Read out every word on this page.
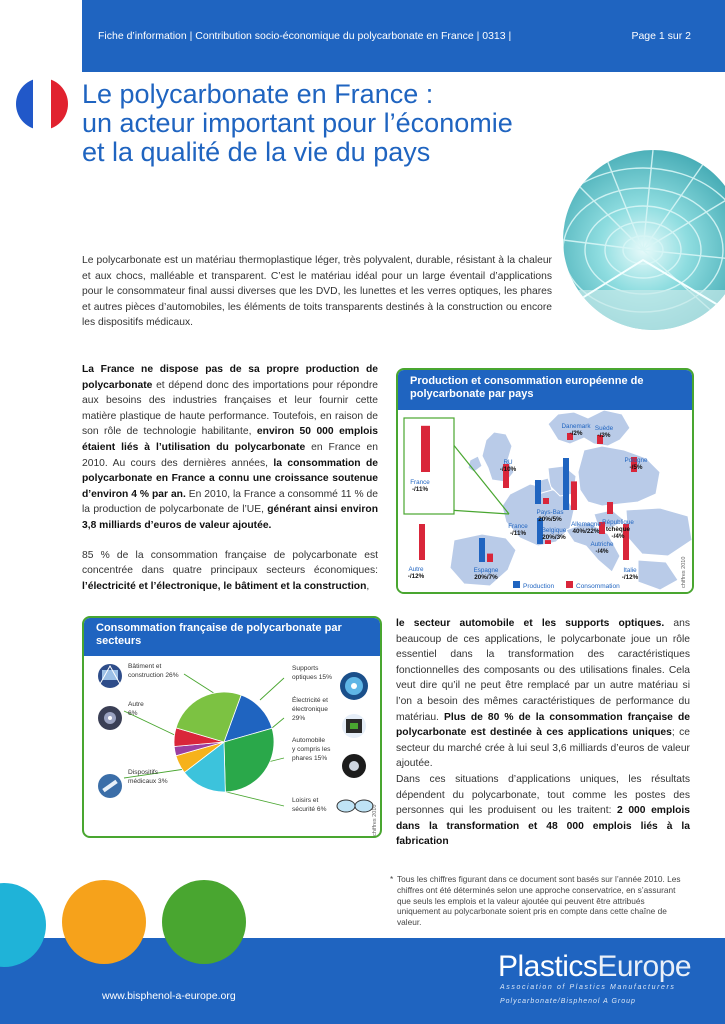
Fiche d’information | Contribution socio-économique du polycarbonate en France | 0313 |	Page 1 sur 2
Le polycarbonate en France :
un acteur important pour l’économie
et la qualité de la vie du pays

Le polycarbonate est un matériau thermoplastique léger, très polyvalent, durable, résistant à la chaleur et aux chocs, malléable et transparent. C’est le matériau idéal pour un large éventail d’applications pour le consommateur final aussi diverses que les DVD, les lunettes et les verres optiques, les phares et autres pièces d’automobiles, les éléments de toits transparents destinés à la construction ou encore les dispositifs médicaux.

La France ne dispose pas de sa propre production de polycarbonate et dépend donc des importations pour répondre aux besoins des industries françaises et leur fournir cette matière plastique de haute performance. Toutefois, en raison de son rôle de technologie habilitante, environ 50 000 emplois étaient liés à l’utilisation du polycarbonate en France en 2010. Au cours des dernières années, la consommation de polycarbonate en France a connu une croissance soutenue d’environ 4 % par an. En 2010, la France a consommé 11 % de la production de polycarbonate de l’UE, générant ainsi environ 3,8 milliards d’euros de valeur ajoutée.

85 % de la consommation française de polycarbonate est concentrée dans quatre principaux secteurs économiques: l’électricité et l’électronique, le bâtiment et la construction,

Production et consommation européenne de polycarbonate par pays
France
-/11%
RU
-/10%
Pays-Bas
20%/5%
Danemark
-/2%
Suède
-/3%
Pologne
-/5%
Allemagne
40%/22%
République
tchèque
-/4%
Belgique
20%/3%
Autriche
-/4%
France
-/11%
Italie
-/12%
Espagne
20%/7%
Autre
-/12%
Production	Consommation	chiffres 2010
Consommation française de polycarbonate par secteurs
Bâtiment et
construction 26%
Autre
6%
Dispositifs
médicaux 3%
Supports
optiques 15%
Électricité et
électronique
29%
Automobile
y compris les
phares 15%
Loisirs et
sécurité 6%	chiffres 2010

le secteur automobile et les supports optiques. ans beaucoup de ces applications, le polycarbonate joue un rôle essentiel dans la transformation des caractéristiques fonctionnelles des composants ou des utilisations finales. Cela veut dire qu’il ne peut être remplacé par un autre matériau si l’on a besoin des mêmes caractéristiques de performance du matériau. Plus de 80 % de la consommation française de polycarbonate est destinée à ces applications uniques; ce secteur du marché crée à lui seul 3,6 milliards d’euros de valeur ajoutée.
Dans ces situations d’applications uniques, les résultats dépendent du polycarbonate, tout comme les postes des personnes qui les produisent ou les traitent: 2 000 emplois dans la transformation et 48 000 emplois liés à la fabrication

* Tous les chiffres figurant dans ce document sont basés sur l’année 2010. Les chiffres ont été déterminés selon une approche conservatrice, en s’assurant que seuls les emplois et la valeur ajoutée qui peuvent être attribués uniquement au polycarbonate soient pris en compte dans cette chaîne de valeur.
www.bisphenol-a-europe.org
PlasticsEurope
Association of Plastics Manufacturers
Polycarbonate/Bisphenol A Group
